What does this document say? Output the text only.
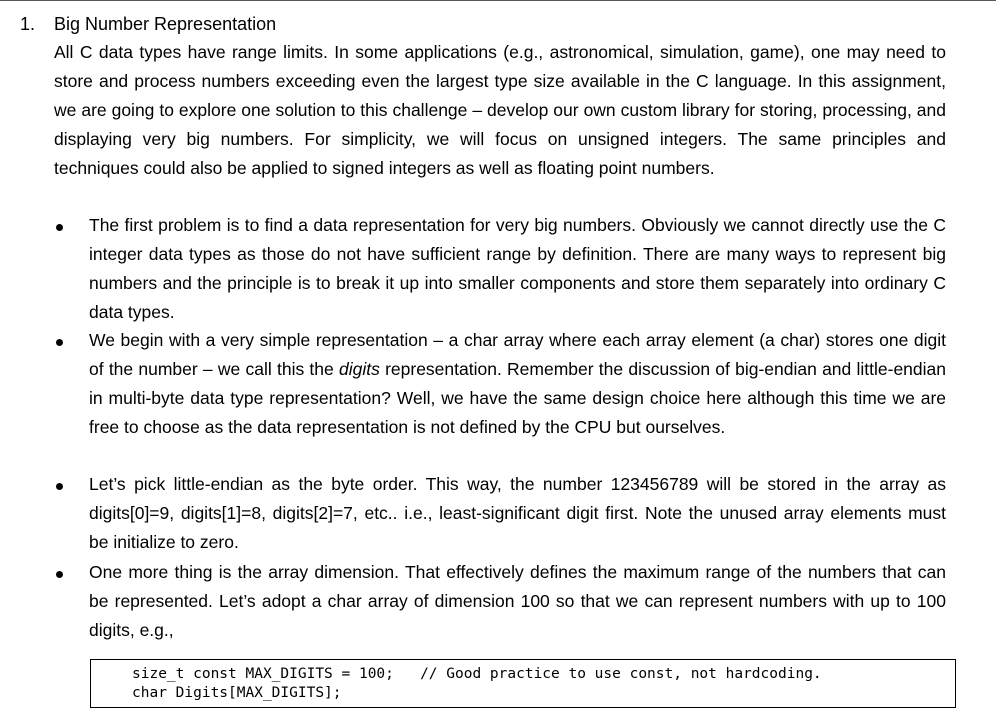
1. Big Number Representation
All C data types have range limits. In some applications (e.g., astronomical, simulation, game), one may need to store and process numbers exceeding even the largest type size available in the C language. In this assignment, we are going to explore one solution to this challenge – develop our own custom library for storing, processing, and displaying very big numbers. For simplicity, we will focus on unsigned integers. The same principles and techniques could also be applied to signed integers as well as floating point numbers.
The first problem is to find a data representation for very big numbers. Obviously we cannot directly use the C integer data types as those do not have sufficient range by definition. There are many ways to represent big numbers and the principle is to break it up into smaller components and store them separately into ordinary C data types.
We begin with a very simple representation – a char array where each array element (a char) stores one digit of the number – we call this the digits representation. Remember the discussion of big-endian and little-endian in multi-byte data type representation? Well, we have the same design choice here although this time we are free to choose as the data representation is not defined by the CPU but ourselves.
Let’s pick little-endian as the byte order. This way, the number 123456789 will be stored in the array as digits[0]=9, digits[1]=8, digits[2]=7, etc.. i.e., least-significant digit first. Note the unused array elements must be initialize to zero.
One more thing is the array dimension. That effectively defines the maximum range of the numbers that can be represented. Let’s adopt a char array of dimension 100 so that we can represent numbers with up to 100 digits, e.g.,
size_t const MAX_DIGITS = 100;   // Good practice to use const, not hardcoding.
char Digits[MAX_DIGITS];
